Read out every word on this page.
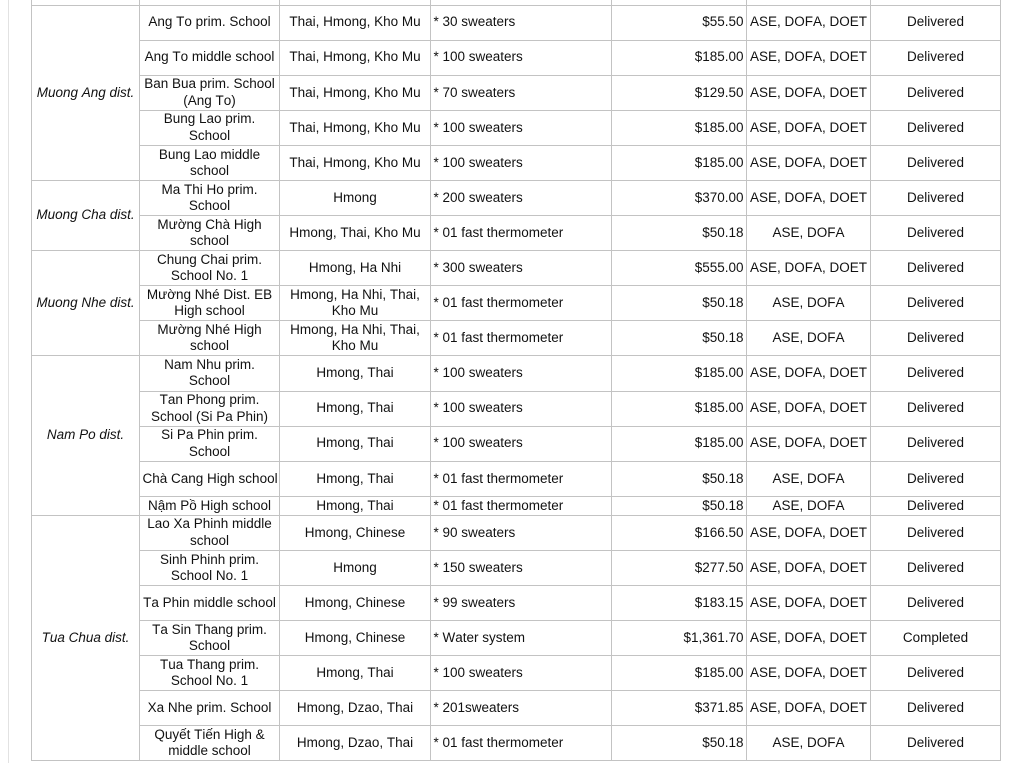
Muong Ang dist.	Ang To prim. School	Thai, Hmong, Kho Mu	* 30 sweaters	$55.50	ASE, DOFA, DOET	Delivered
	Ang To middle school	Thai, Hmong, Kho Mu	* 100 sweaters	$185.00	ASE, DOFA, DOET	Delivered
	Ban Bua prim. School (Ang To)	Thai, Hmong, Kho Mu	* 70 sweaters	$129.50	ASE, DOFA, DOET	Delivered
	Bung Lao prim. School	Thai, Hmong, Kho Mu	* 100 sweaters	$185.00	ASE, DOFA, DOET	Delivered
	Bung Lao middle school	Thai, Hmong, Kho Mu	* 100 sweaters	$185.00	ASE, DOFA, DOET	Delivered
Muong Cha dist.	Ma Thi Ho prim. School	Hmong	* 200 sweaters	$370.00	ASE, DOFA, DOET	Delivered
	Mường Chà High school	Hmong, Thai, Kho Mu	* 01 fast thermometer	$50.18	ASE, DOFA	Delivered
Muong Nhe dist.	Chung Chai prim. School No. 1	Hmong, Ha Nhi	* 300 sweaters	$555.00	ASE, DOFA, DOET	Delivered
	Mường Nhé Dist. EB High school	Hmong, Ha Nhi, Thai, Kho Mu	* 01 fast thermometer	$50.18	ASE, DOFA	Delivered
	Mường Nhé High school	Hmong, Ha Nhi, Thai, Kho Mu	* 01 fast thermometer	$50.18	ASE, DOFA	Delivered
Nam Po dist.	Nam Nhu prim. School	Hmong, Thai	* 100 sweaters	$185.00	ASE, DOFA, DOET	Delivered
	Tan Phong prim. School (Si Pa Phin)	Hmong, Thai	* 100 sweaters	$185.00	ASE, DOFA, DOET	Delivered
	Si Pa Phin prim. School	Hmong, Thai	* 100 sweaters	$185.00	ASE, DOFA, DOET	Delivered
	Chà Cang High school	Hmong, Thai	* 01 fast thermometer	$50.18	ASE, DOFA	Delivered
	Nậm Pồ High school	Hmong, Thai	* 01 fast thermometer	$50.18	ASE, DOFA	Delivered
Tua Chua dist.	Lao Xa Phinh middle school	Hmong, Chinese	* 90 sweaters	$166.50	ASE, DOFA, DOET	Delivered
	Sinh Phinh prim. School No. 1	Hmong	* 150 sweaters	$277.50	ASE, DOFA, DOET	Delivered
	Ta Phin middle school	Hmong, Chinese	* 99 sweaters	$183.15	ASE, DOFA, DOET	Delivered
	Ta Sin Thang prim. School	Hmong, Chinese	* Water system	$1,361.70	ASE, DOFA, DOET	Completed
	Tua Thang prim. School No. 1	Hmong, Thai	* 100 sweaters	$185.00	ASE, DOFA, DOET	Delivered
	Xa Nhe prim. School	Hmong, Dzao, Thai	* 201sweaters	$371.85	ASE, DOFA, DOET	Delivered
	Quyết Tiến High & middle school	Hmong, Dzao, Thai	* 01 fast thermometer	$50.18	ASE, DOFA	Delivered
